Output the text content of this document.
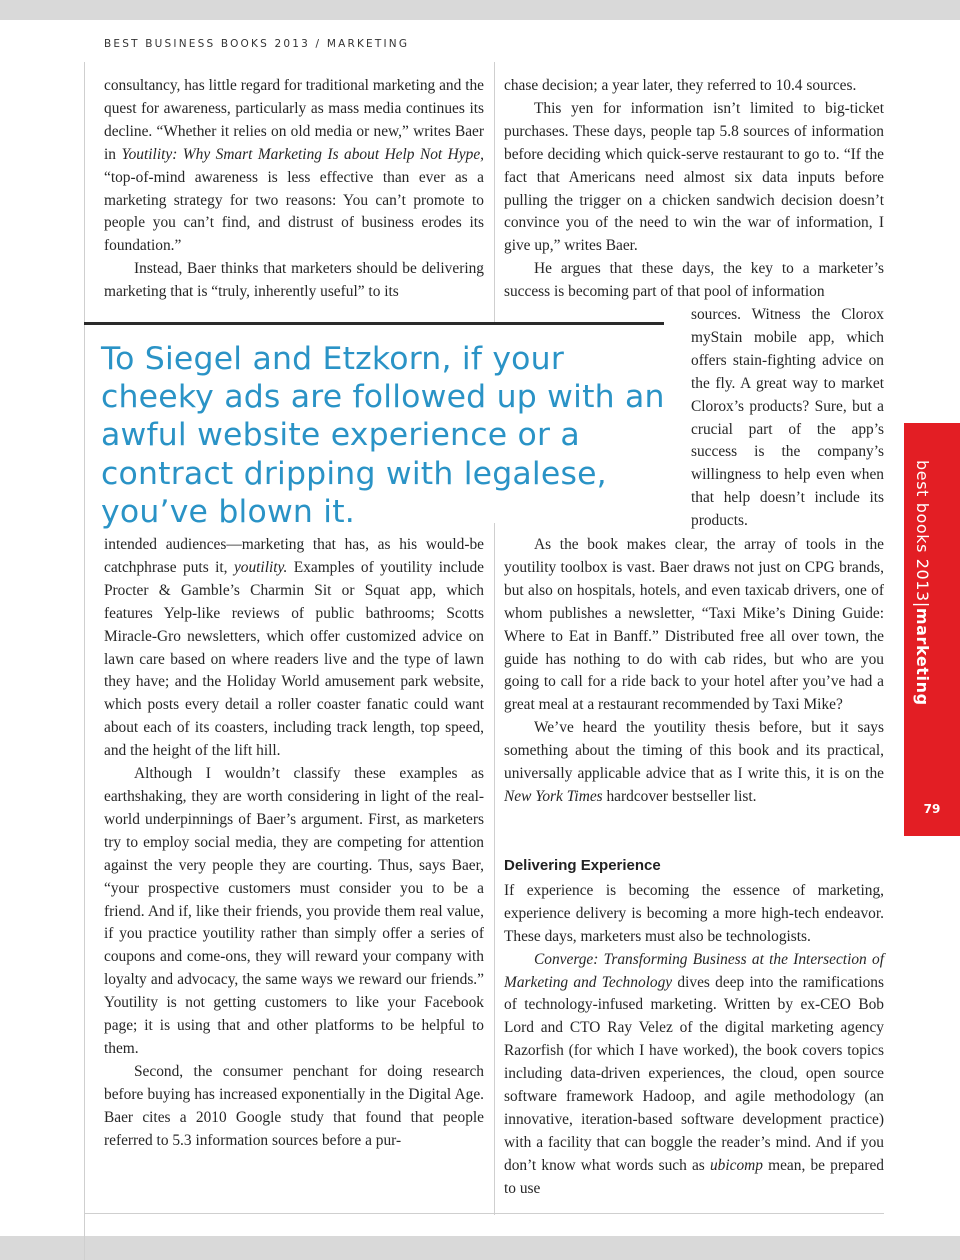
BEST BUSINESS BOOKS 2013 / MARKETING

consultancy, has little regard for traditional marketing and the quest for awareness, particularly as mass media continues its decline. “Whether it relies on old media or new,” writes Baer in Youtility: Why Smart Marketing Is about Help Not Hype, “top-of-mind awareness is less effective than ever as a marketing strategy for two reasons: You can’t promote to people you can’t find, and distrust of business erodes its foundation.”

Instead, Baer thinks that marketers should be delivering marketing that is “truly, inherently useful” to its

chase decision; a year later, they referred to 10.4 sources.

This yen for information isn’t limited to big-ticket purchases. These days, people tap 5.8 sources of information before deciding which quick-serve restaurant to go to. “If the fact that Americans need almost six data inputs before pulling the trigger on a chicken sandwich decision doesn’t convince you of the need to win the war of information, I give up,” writes Baer.

He argues that these days, the key to a marketer’s success is becoming part of that pool of information

sources. Witness the Clorox myStain mobile app, which offers stain-fighting advice on the fly. A great way to market Clorox’s products? Sure, but a crucial part of the app’s success is the company’s willingness to help even when that help doesn’t include its products.

To Siegel and Etzkorn, if your cheeky ads are followed up with an awful website experience or a contract dripping with legalese, you’ve blown it.

intended audiences—marketing that has, as his would-be catchphrase puts it, youtility. Examples of youtility include Procter & Gamble’s Charmin Sit or Squat app, which features Yelp-like reviews of public bathrooms; Scotts Miracle-Gro newsletters, which offer customized advice on lawn care based on where readers live and the type of lawn they have; and the Holiday World amusement park website, which posts every detail a roller coaster fanatic could want about each of its coasters, including track length, top speed, and the height of the lift hill.

Although I wouldn’t classify these examples as earthshaking, they are worth considering in light of the real-world underpinnings of Baer’s argument. First, as marketers try to employ social media, they are competing for attention against the very people they are courting. Thus, says Baer, “your prospective customers must consider you to be a friend. And if, like their friends, you provide them real value, if you practice youtility rather than simply offer a series of coupons and come-ons, they will reward your company with loyalty and advocacy, the same ways we reward our friends.” Youtility is not getting customers to like your Facebook page; it is using that and other platforms to be helpful to them.

Second, the consumer penchant for doing research before buying has increased exponentially in the Digital Age. Baer cites a 2010 Google study that found that people referred to 5.3 information sources before a pur-

As the book makes clear, the array of tools in the youtility toolbox is vast. Baer draws not just on CPG brands, but also on hospitals, hotels, and even taxicab drivers, one of whom publishes a newsletter, “Taxi Mike’s Dining Guide: Where to Eat in Banff.” Distributed free all over town, the guide has nothing to do with cab rides, but who are you going to call for a ride back to your hotel after you’ve had a great meal at a restaurant recommended by Taxi Mike?

We’ve heard the youtility thesis before, but it says something about the timing of this book and its practical, universally applicable advice that as I write this, it is on the New York Times hardcover bestseller list.

Delivering Experience

If experience is becoming the essence of marketing, experience delivery is becoming a more high-tech endeavor. These days, marketers must also be technologists.

Converge: Transforming Business at the Intersection of Marketing and Technology dives deep into the ramifications of technology-infused marketing. Written by ex-CEO Bob Lord and CTO Ray Velez of the digital marketing agency Razorfish (for which I have worked), the book covers topics including data-driven experiences, the cloud, open source software framework Hadoop, and agile methodology (an innovative, iteration-based software development practice) with a facility that can boggle the reader’s mind. And if you don’t know what words such as ubicomp mean, be prepared to use

best books 2013|marketing
79
